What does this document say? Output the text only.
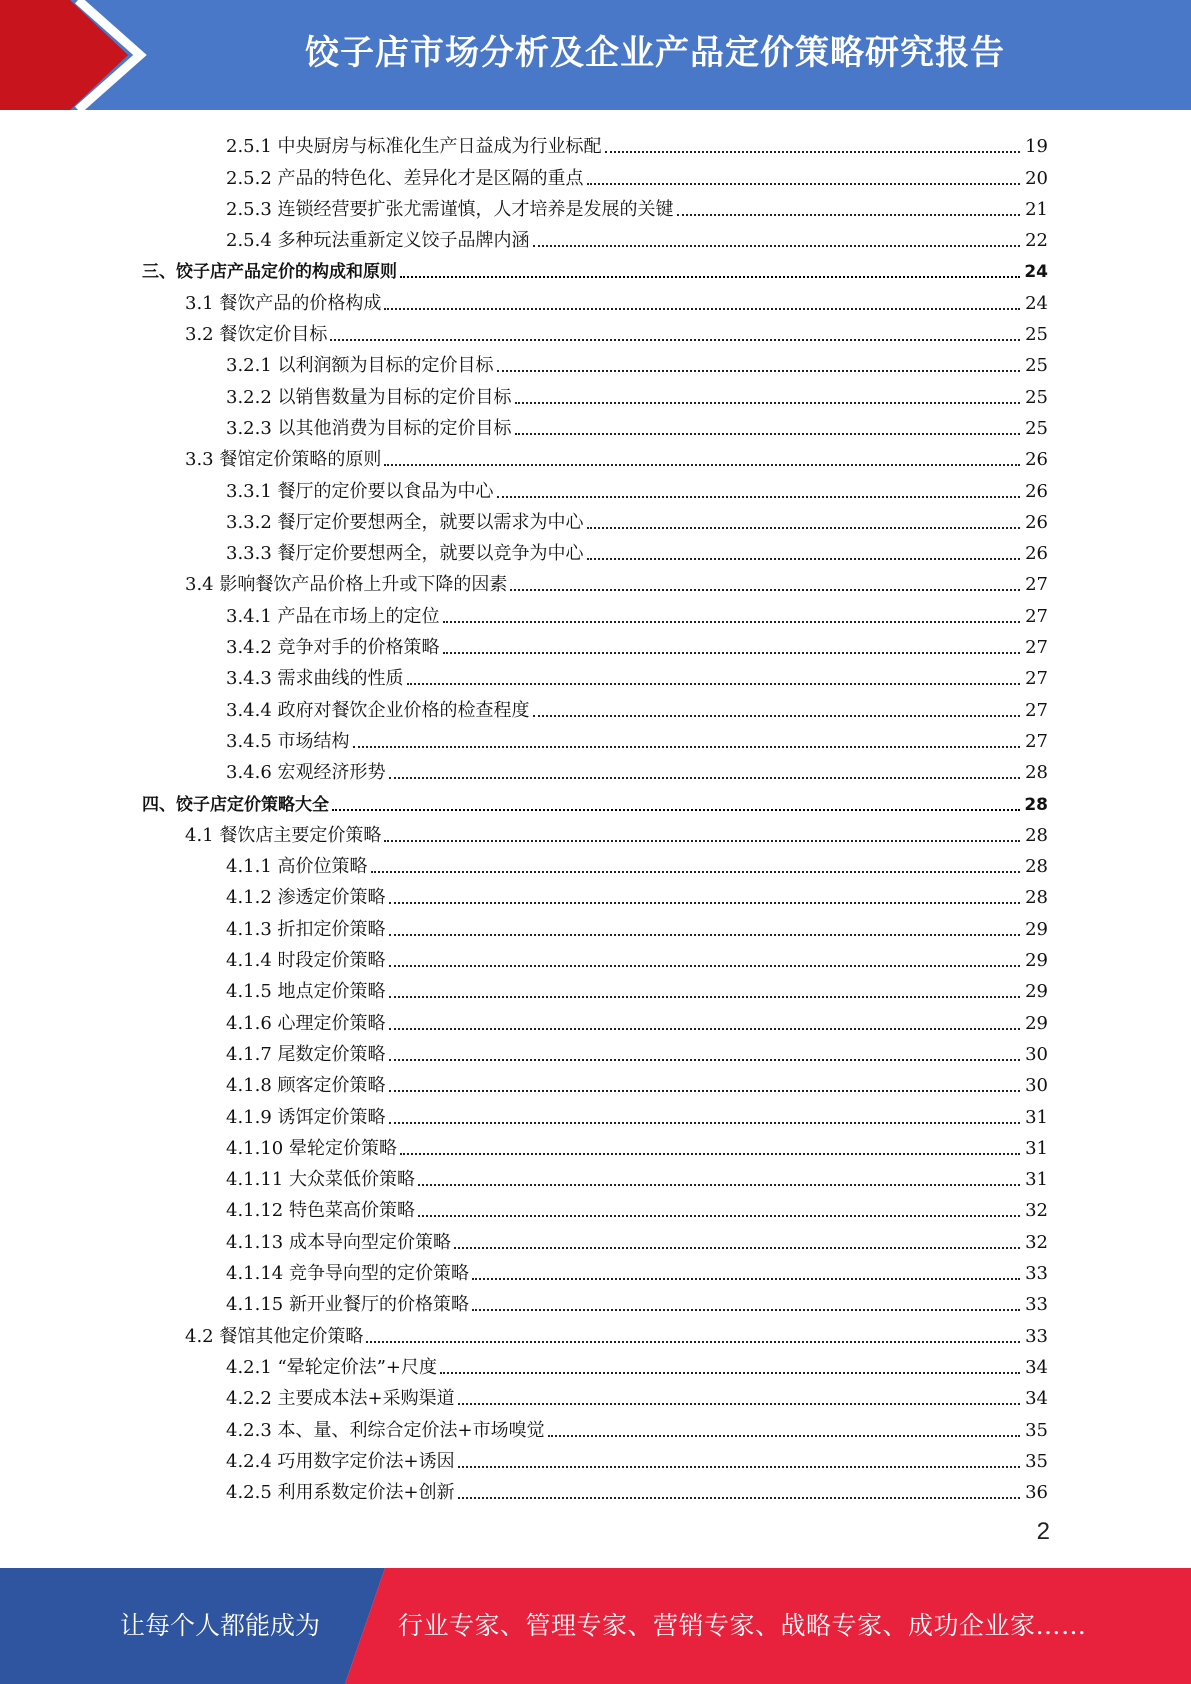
饺子店市场分析及企业产品定价策略研究报告
2.5.1 中央厨房与标准化生产日益成为行业标配	19
2.5.2 产品的特色化、差异化才是区隔的重点	20
2.5.3 连锁经营要扩张尤需谨慎，人才培养是发展的关键	21
2.5.4 多种玩法重新定义饺子品牌内涵	22
三、饺子店产品定价的构成和原则	24
3.1 餐饮产品的价格构成	24
3.2 餐饮定价目标	25
3.2.1 以利润额为目标的定价目标	25
3.2.2 以销售数量为目标的定价目标	25
3.2.3 以其他消费为目标的定价目标	25
3.3 餐馆定价策略的原则	26
3.3.1 餐厅的定价要以食品为中心	26
3.3.2 餐厅定价要想两全，就要以需求为中心	26
3.3.3 餐厅定价要想两全，就要以竞争为中心	26
3.4 影响餐饮产品价格上升或下降的因素	27
3.4.1 产品在市场上的定位	27
3.4.2 竞争对手的价格策略	27
3.4.3 需求曲线的性质	27
3.4.4 政府对餐饮企业价格的检查程度	27
3.4.5 市场结构	27
3.4.6 宏观经济形势	28
四、饺子店定价策略大全	28
4.1 餐饮店主要定价策略	28
4.1.1 高价位策略	28
4.1.2 渗透定价策略	28
4.1.3 折扣定价策略	29
4.1.4 时段定价策略	29
4.1.5 地点定价策略	29
4.1.6 心理定价策略	29
4.1.7 尾数定价策略	30
4.1.8 顾客定价策略	30
4.1.9 诱饵定价策略	31
4.1.10 晕轮定价策略	31
4.1.11 大众菜低价策略	31
4.1.12 特色菜高价策略	32
4.1.13 成本导向型定价策略	32
4.1.14 竞争导向型的定价策略	33
4.1.15 新开业餐厅的价格策略	33
4.2 餐馆其他定价策略	33
4.2.1 “晕轮定价法”+尺度	34
4.2.2 主要成本法+采购渠道	34
4.2.3 本、量、利综合定价法+市场嗅觉	35
4.2.4 巧用数字定价法+诱因	35
4.2.5 利用系数定价法+创新	36
2
让每个人都能成为	行业专家、管理专家、营销专家、战略专家、成功企业家……
